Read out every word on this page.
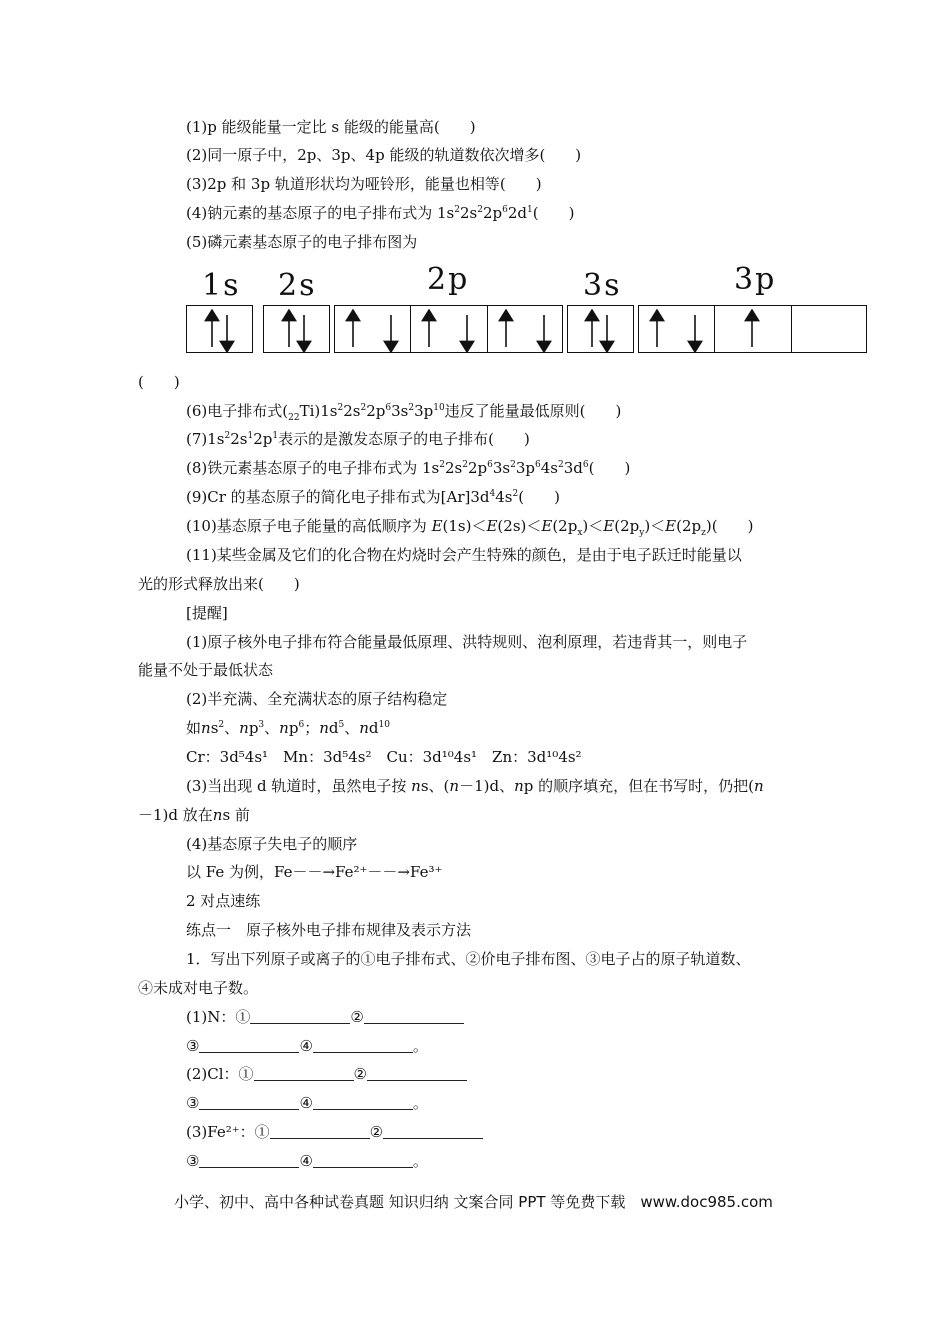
(1)p 能级能量一定比 s 能级的能量高(　　)
(2)同一原子中，2p、3p、4p 能级的轨道数依次增多(　　)
(3)2p 和 3p 轨道形状均为哑铃形，能量也相等(　　)
(4)钠元素的基态原子的电子排布式为 $1s^22s^22p^62d^1$(　　)
(5)磷元素基态原子的电子排布图为
1s 2s	2p	3s	3p
(　　)
(6)电子排布式$(_{22}Ti)1s^22s^22p^63s^23p^{10}$违反了能量最低原则(　　)
$(7)1s^22s^12p^1$表示的是激发态原子的电子排布(　　)
(8)铁元素基态原子的电子排布式为 $1s^22s^22p^63s^23p^64s^23d^6$(　　)
(9)Cr 的基态原子的简化电子排布式为$[Ar]3d^44s^2$(　　)
(10)基态原子电子能量的高低顺序为 $E(1s)<E(2s)<E(2p_x)<E(2p_y)<E(2p_z)$(　　)
(11)某些金属及它们的化合物在灼烧时会产生特殊的颜色，是由于电子跃迁时能量以
光的形式释放出来(　　)
[提醒]
(1)原子核外电子排布符合能量最低原理、洪特规则、泡利原理，若违背其一，则电子
能量不处于最低状态
(2)半充满、全充满状态的原子结构稳定
如$ns^2$、$np^3$、$np^6$；$nd^5$、$nd^{10}$
Cr：3d⁵4s¹　Mn：3d⁵4s²　Cu：3d¹⁰4s¹　Zn：3d¹⁰4s²
(3)当出现 d 轨道时，虽然电子按 ns、(n－1)d、np 的顺序填充，但在书写时，仍把(n
－1)d 放在ns 前
(4)基态原子失电子的顺序
以 Fe 为例，Fe－－→Fe²⁺－－→Fe³⁺
2 对点速练
练点一　原子核外电子排布规律及表示方法
1．写出下列原子或离子的①电子排布式、②价电子排布图、③电子占的原子轨道数、
④未成对电子数。
(1)N：①	②
③	④	。
(2)Cl：①	②
③	④	。
(3)Fe²⁺：①	②
③	④	。
小学、初中、高中各种试卷真题 知识归纳 文案合同 PPT 等免费下载　www.doc985.com
